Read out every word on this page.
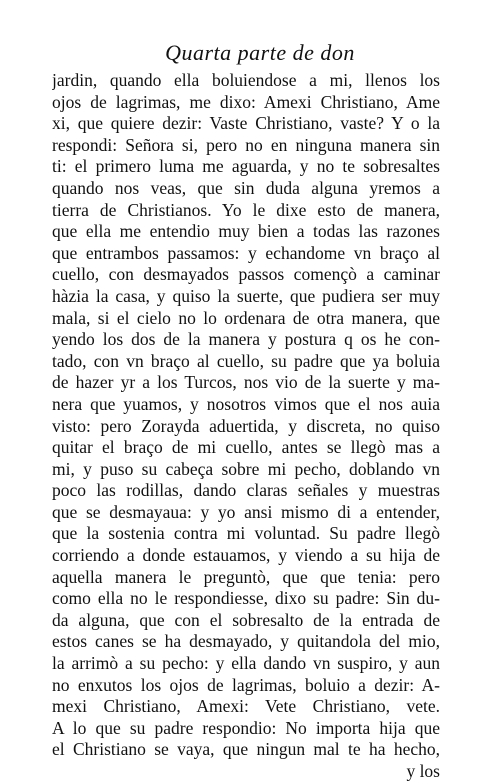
Quarta parte de don
jardin, quando ella boluiendose a mi, llenos los
ojos de lagrimas, me dixo: Amexi Christiano, Ame
xi, que quiere dezir: Vaste Christiano, vaste? Y o la
respondi: Señora si, pero no en ninguna manera sin
ti: el primero luma me aguarda, y no te sobresaltes
quando nos veas, que sin duda alguna yremos a
tierra de Christianos. Yo le dixe esto de manera,
que ella me entendio muy bien a todas las razones
que entrambos passamos: y echandome vn braço al
cuello, con desmayados passos començò a caminar
hàzia la casa, y quiso la suerte, que pudiera ser muy
mala, si el cielo no lo ordenara de otra manera, que
yendo los dos de la manera y postura q os he con-
tado, con vn braço al cuello, su padre que ya boluia
de hazer yr a los Turcos, nos vio de la suerte y ma-
nera que yuamos, y nosotros vimos que el nos auia
visto: pero Zorayda aduertida, y discreta, no quiso
quitar el braço de mi cuello, antes se llegò mas a
mi, y puso su cabeça sobre mi pecho, doblando vn
poco las rodillas, dando claras señales y muestras
que se desmayaua: y yo ansi mismo di a entender,
que la sostenia contra mi voluntad. Su padre llegò
corriendo a donde estauamos, y viendo a su hija de
aquella manera le preguntò, que que tenia: pero
como ella no le respondiesse, dixo su padre: Sin du-
da alguna, que con el sobresalto de la entrada de
estos canes se ha desmayado, y quitandola del mio,
la arrimò a su pecho: y ella dando vn suspiro, y aun
no enxutos los ojos de lagrimas, boluio a dezir: A-
mexi Christiano, Amexi: Vete Christiano, vete.
A lo que su padre respondio: No importa hija que
el Christiano se vaya, que ningun mal te ha hecho,
y los
